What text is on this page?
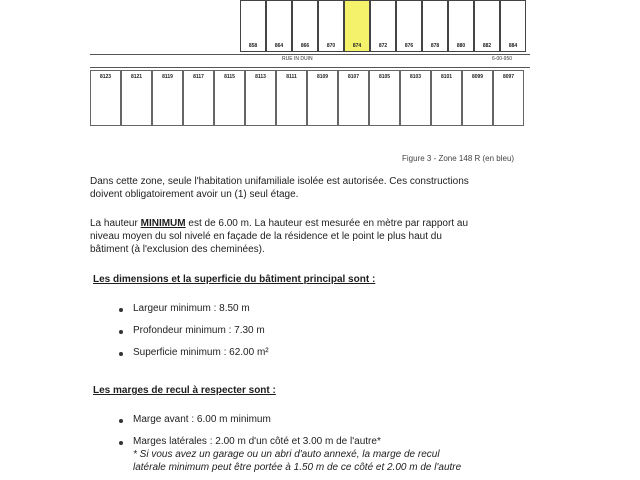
RUE IN DUIN	6-00-950
858	864	866	870	874	872	876	878	880	882	884
8123	8121	8119	8117	8115	8113	8111	8109	8107	8105	8103	8101	8099	8097
Figure 3 - Zone 148 R (en bleu)
Dans cette zone, seule l'habitation unifamiliale isolée est autorisée. Ces constructions
doivent obligatoirement avoir un (1) seul étage.
La hauteur MINIMUM est de 6.00 m. La hauteur est mesurée en mètre par rapport au
niveau moyen du sol nivelé en façade de la résidence et le point le plus haut du
bâtiment (à l'exclusion des cheminées).
Les dimensions et la superficie du bâtiment principal sont :
Largeur minimum : 8.50 m
Profondeur minimum : 7.30 m
Superficie minimum : 62.00 m²
Les marges de recul à respecter sont :
Marge avant : 6.00 m minimum
Marges latérales : 2.00 m d'un côté et 3.00 m de l'autre*
* Si vous avez un garage ou un abri d'auto annexé, la marge de recul
latérale minimum peut être portée à 1.50 m de ce côté et 2.00 m de l'autre
